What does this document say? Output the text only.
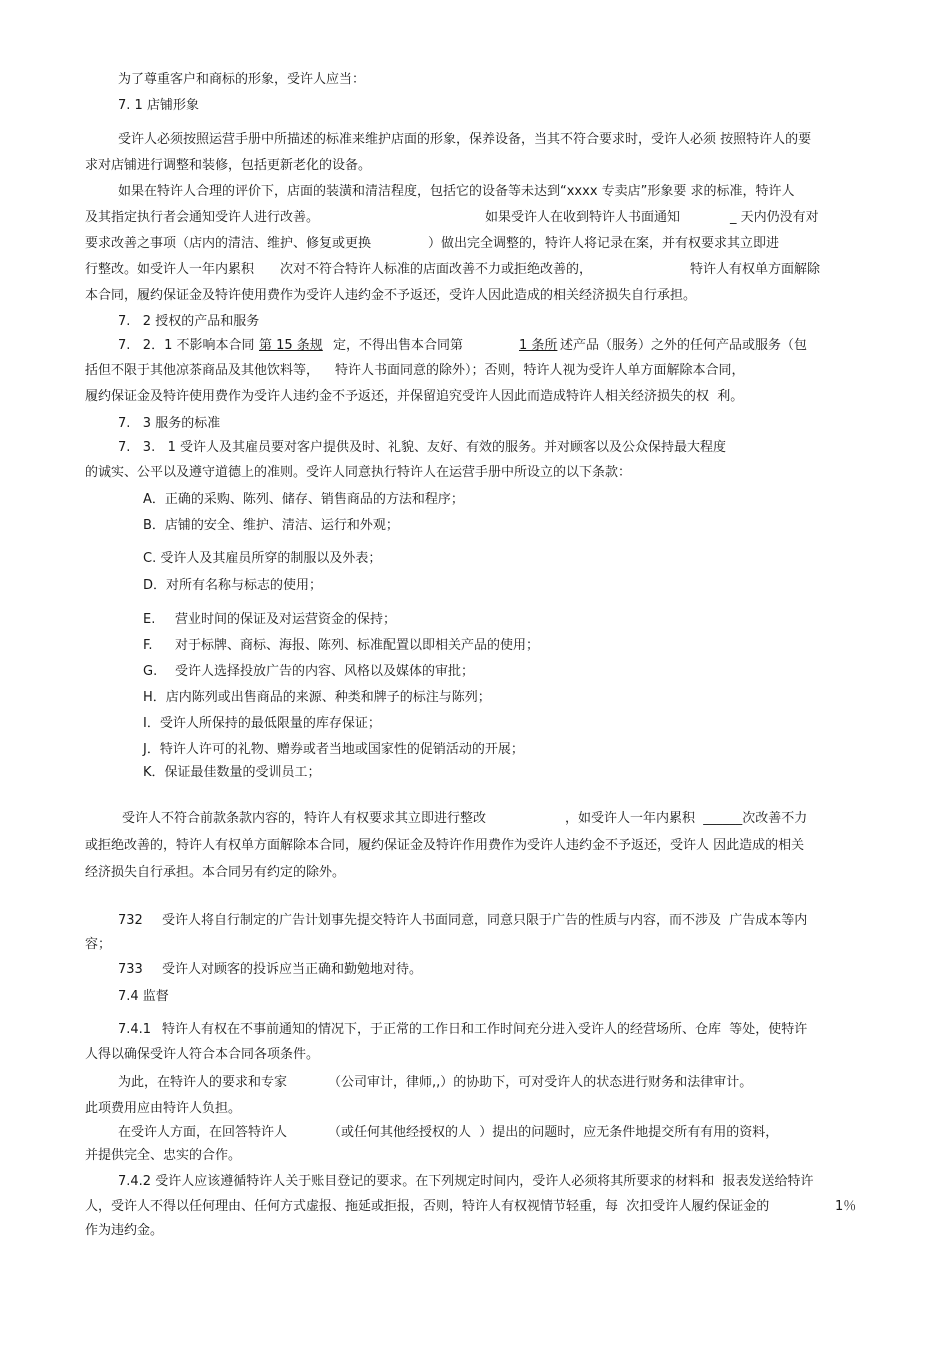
为了尊重客户和商标的形象，受许人应当：
7. 1 店铺形象
受许人必须按照运营手册中所描述的标准来维护店面的形象，保养设备，当其不符合要求时，受许人必须 按照特许人的要
求对店铺进行调整和装修，包括更新老化的设备。
如果在特许人合理的评价下，店面的装潢和清洁程度，包括它的设备等未达到“xxxx 专卖店”形象要 求的标准，特许人
及其指定执行者会通知受许人进行改善。	如果受许人在收到特许人书面通知	_ 天内仍没有对
要求改善之事项（店内的清洁、维护、修复或更换	）做出完全调整的，特许人将记录在案，并有权要求其立即进
行整改。如受许人一年内累积 次对不符合特许人标准的店面改善不力或拒绝改善的，	特许人有权单方面解除
本合同，履约保证金及特许使用费作为受许人违约金不予返还，受许人因此造成的相关经济损失自行承担。
7.   2 授权的产品和服务
7.   2．1 不影响本合同 第 15 条规 定，不得出售本合同第	1 条所 述产品（服务）之外的任何产品或服务（包
括但不限于其他凉茶商品及其他饮料等， 特许人书面同意的除外）；否则，特许人视为受许人单方面解除本合同，
履约保证金及特许使用费作为受许人违约金不予返还，并保留追究受许人因此而造成特许人相关经济损失的权  利。
7.   3 服务的标准
7.   3.   1 受许人及其雇员要对客户提供及时、礼貌、友好、有效的服务。并对顾客以及公众保持最大程度
的诚实、公平以及遵守道德上的准则。受许人同意执行特许人在运营手册中所设立的以下条款：
A．正确的采购、陈列、储存、销售商品的方法和程序；
B．店铺的安全、维护、清洁、运行和外观；
C. 受许人及其雇员所穿的制服以及外表；
D．对所有名称与标志的使用；
E. 营业时间的保证及对运营资金的保持；
F. 对于标牌、商标、海报、陈列、标准配置以即相关产品的使用；
G. 受许人选择投放广告的内容、风格以及媒体的审批；
H．店内陈列或出售商品的来源、种类和牌子的标注与陈列；
I．受许人所保持的最低限量的库存保证；
J．特许人许可的礼物、赠券或者当地或国家性的促销活动的开展；
K．保证最佳数量的受训员工；
受许人不符合前款条款内容的，特许人有权要求其立即进行整改	，如受许人一年内累积  ______次改善不力
或拒绝改善的，特许人有权单方面解除本合同，履约保证金及特许作用费作为受许人违约金不予返还，受许人 因此造成的相关
经济损失自行承担。本合同另有约定的除外。
732 受许人将自行制定的广告计划事先提交特许人书面同意，同意只限于广告的性质与内容，而不涉及  广告成本等内
容；
733 受许人对顾客的投诉应当正确和勤勉地对待。
7.4 监督
7.4.1 特许人有权在不事前通知的情况下，于正常的工作日和工作时间充分进入受许人的经营场所、仓库  等处，使特许
人得以确保受许人符合本合同各项条件。
为此，在特许人的要求和专家	（公司审计，律师,,）的协助下，可对受许人的状态进行财务和法律审计。
此项费用应由特许人负担。
在受许人方面，在回答特许人	（或任何其他经授权的人  ）提出的问题时，应无条件地提交所有有用的资料，
并提供完全、忠实的合作。
7.4.2 受许人应该遵循特许人关于账目登记的要求。在下列规定时间内，受许人必须将其所要求的材料和  报表发送给特许
人，受许人不得以任何理由、任何方式虚报、拖延或拒报，否则，特许人有权视情节轻重，每  次扣受许人履约保证金的	1％
作为违约金。
